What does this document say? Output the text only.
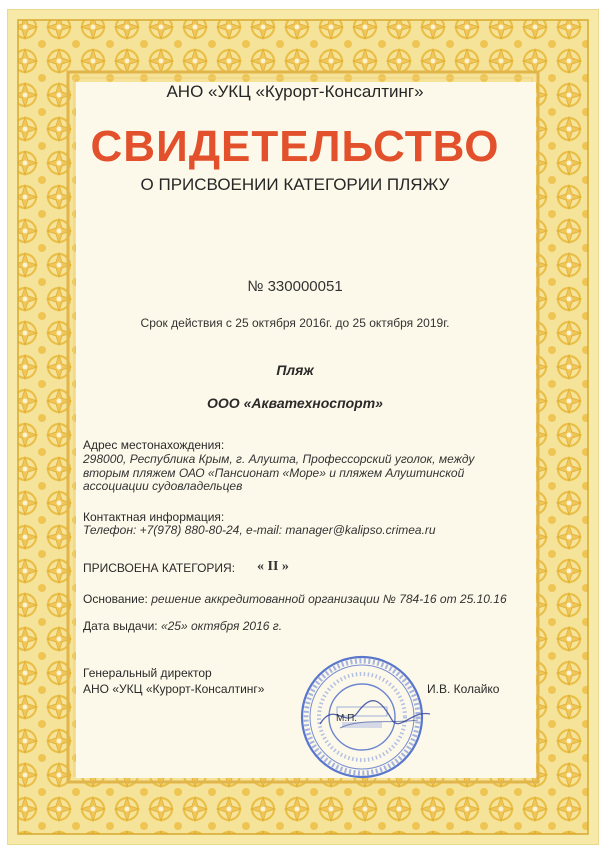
АНО «УКЦ «Курорт-Консалтинг»

СВИДЕТЕЛЬСТВО

О ПРИСВОЕНИИ КАТЕГОРИИ ПЛЯЖУ

№ 330000051

Срок действия с 25 октября 2016г. до 25 октября 2019г.

Пляж

ООО «Акватехноспорт»

Адрес местонахождения:

298000, Республика Крым, г. Алушта, Профессорский уголок, между вторым пляжем ОАО «Пансионат «Море» и пляжем Алуштинской ассоциации судовладельцев

Контактная информация:

Телефон: +7(978) 880-80-24, e-mail: manager@kalipso.crimea.ru

ПРИСВОЕНА КАТЕГОРИЯ: « II »

Основание: решение аккредитованной организации № 784-16 от 25.10.16

Дата выдачи: «25» октября 2016 г.

Генеральный директор

АНО «УКЦ «Курорт-Консалтинг»

М.П.

И.В. Колайко
